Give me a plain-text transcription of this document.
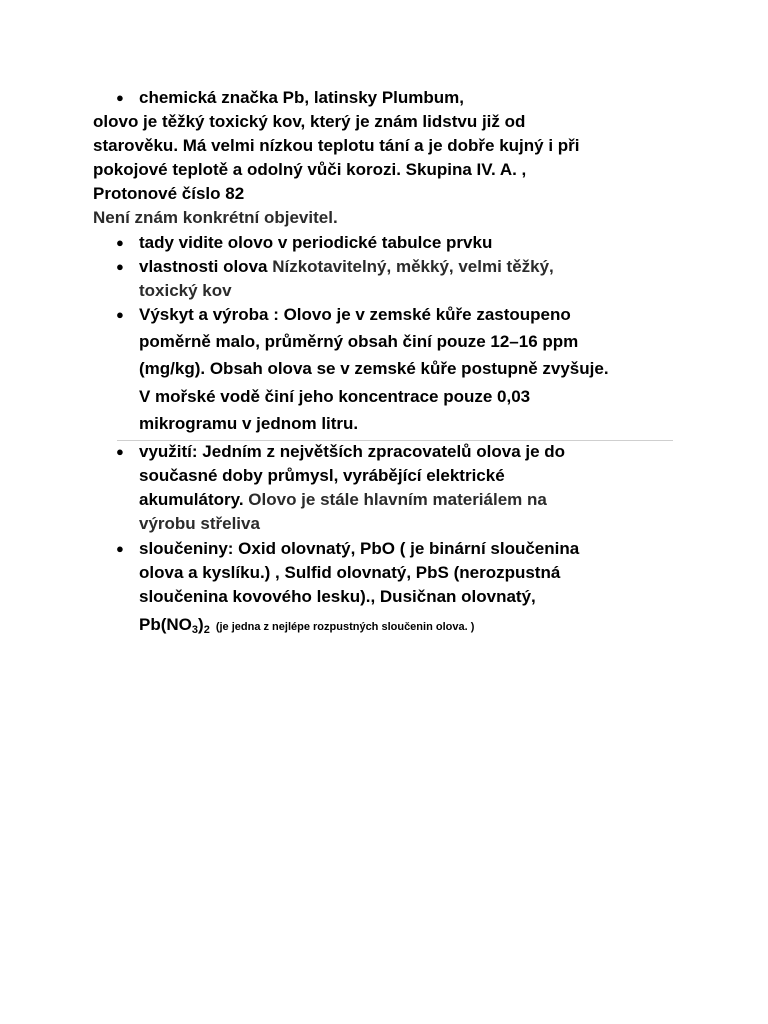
● chemická značka Pb, latinsky Plumbum,
olovo je těžký toxický kov, který je znám lidstvu již od
starověku. Má velmi nízkou teplotu tání a je dobře kujný i při
pokojové teplotě a odolný vůči korozi. Skupina IV. A. ,
Protonové číslo 82
Není znám konkrétní objevitel.
● tady vidite olovo v periodické tabulce prvku
● vlastnosti olova Nízkotavitelný, měkký, velmi těžký,
toxický kov
● Výskyt a výroba : Olovo je v zemské kůře zastoupeno
poměrně malo, průměrný obsah činí pouze 12–16 ppm
(mg/kg). Obsah olova se v zemské kůře postupně zvyšuje.
V mořské vodě činí jeho koncentrace pouze 0,03
mikrogramu v jednom litru.
● využití: Jedním z největších zpracovatelů olova je do
současné doby průmysl, vyrábějící elektrické
akumulátory. Olovo je stále hlavním materiálem na
výrobu střeliva
● sloučeniny: Oxid olovnatý, PbO ( je binární sloučenina
olova a kyslíku.) , Sulfid olovnatý, PbS (nerozpustná
sloučenina kovového lesku)., Dusičnan olovnatý,
$Pb(NO_3)_2$ (je jedna z nejlépe rozpustných sloučenin olova. )
